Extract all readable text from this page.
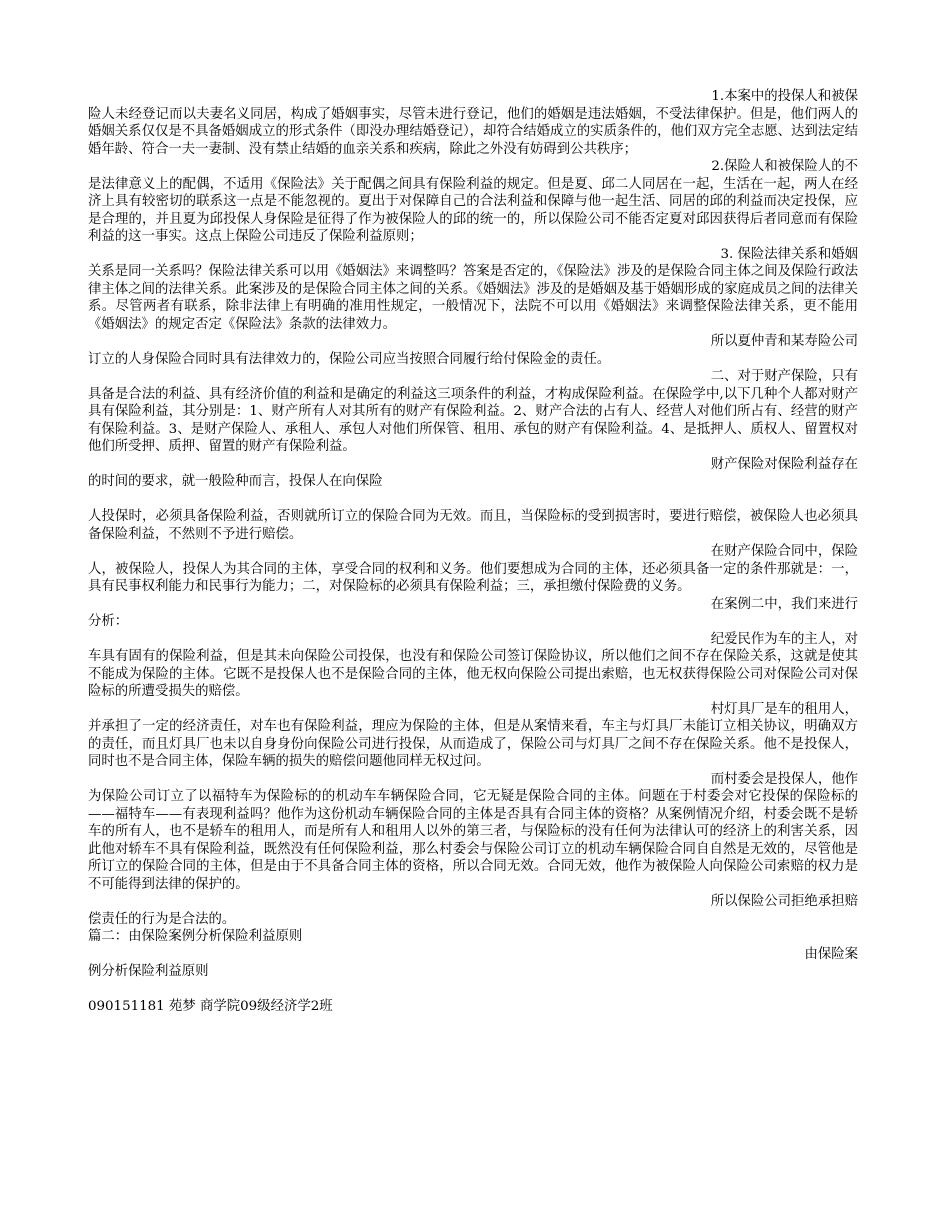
1.本案中的投保人和被保

险人未经登记而以夫妻名义同居，构成了婚姻事实，尽管未进行登记，他们的婚姻是违法婚姻，不受法律保护。但是，他们两人的婚姻关系仅仅是不具备婚姻成立的形式条件（即没办理结婚登记），却符合结婚成立的实质条件的，他们双方完全志愿、达到法定结婚年龄、符合一夫一妻制、没有禁止结婚的血亲关系和疾病，除此之外没有妨碍到公共秩序；

2.保险人和被保险人的不

是法律意义上的配偶，不适用《保险法》关于配偶之间具有保险利益的规定。但是夏、邱二人同居在一起，生活在一起，两人在经济上具有较密切的联系这一点是不能忽视的。夏出于对保障自己的合法利益和保障与他一起生活、同居的邱的利益而决定投保，应是合理的，并且夏为邱投保人身保险是征得了作为被保险人的邱的统一的，所以保险公司不能否定夏对邱因获得后者同意而有保险利益的这一事实。这点上保险公司违反了保险利益原则；

3. 保险法律关系和婚姻

关系是同一关系吗？保险法律关系可以用《婚姻法》来调整吗？答案是否定的，《保险法》涉及的是保险合同主体之间及保险行政法律主体之间的法律关系。此案涉及的是保险合同主体之间的关系。《婚姻法》涉及的是婚姻及基于婚姻形成的家庭成员之间的法律关系。尽管两者有联系，除非法律上有明确的准用性规定，一般情况下，法院不可以用《婚姻法》来调整保险法律关系，更不能用《婚姻法》的规定否定《保险法》条款的法律效力。

所以夏仲青和某寿险公司

订立的人身保险合同时具有法律效力的，保险公司应当按照合同履行给付保险金的责任。

二、对于财产保险，只有

具备是合法的利益、具有经济价值的利益和是确定的利益这三项条件的利益，才构成保险利益。在保险学中,以下几种个人都对财产具有保险利益，其分别是：1、财产所有人对其所有的财产有保险利益。2、财产合法的占有人、经营人对他们所占有、经营的财产有保险利益。3、是财产保险人、承租人、承包人对他们所保管、租用、承包的财产有保险利益。4、是抵押人、质权人、留置权对他们所受押、质押、留置的财产有保险利益。

财产保险对保险利益存在

的时间的要求，就一般险种而言，投保人在向保险

人投保时，必须具备保险利益，否则就所订立的保险合同为无效。而且，当保险标的受到损害时，要进行赔偿，被保险人也必须具备保险利益，不然则不予进行赔偿。

在财产保险合同中，保险

人，被保险人，投保人为其合同的主体，享受合同的权利和义务。他们要想成为合同的主体，还必须具备一定的条件那就是：一，具有民事权利能力和民事行为能力；二，对保险标的必须具有保险利益；三，承担缴付保险费的义务。

在案例二中，我们来进行

分析：

纪爱民作为车的主人，对

车具有固有的保险利益，但是其未向保险公司投保，也没有和保险公司签订保险协议，所以他们之间不存在保险关系，这就是使其不能成为保险的主体。它既不是投保人也不是保险合同的主体，他无权向保险公司提出索赔，也无权获得保险公司对保险公司对保险标的所遭受损失的赔偿。

村灯具厂是车的租用人，

并承担了一定的经济责任，对车也有保险利益，理应为保险的主体，但是从案情来看，车主与灯具厂未能订立相关协议，明确双方的责任，而且灯具厂也未以自身身份向保险公司进行投保，从而造成了，保险公司与灯具厂之间不存在保险关系。他不是投保人，同时也不是合同主体，保险车辆的损失的赔偿问题他同样无权过问。

而村委会是投保人，他作

为保险公司订立了以福特车为保险标的的机动车车辆保险合同，它无疑是保险合同的主体。问题在于村委会对它投保的保险标的——福特车——有表现利益吗？他作为这份机动车辆保险合同的主体是否具有合同主体的资格？从案例情况介绍，村委会既不是轿车的所有人，也不是轿车的租用人，而是所有人和租用人以外的第三者，与保险标的没有任何为法律认可的经济上的利害关系，因此他对轿车不具有保险利益，既然没有任何保险利益，那么村委会与保险公司订立的机动车辆保险合同自自然是无效的，尽管他是所订立的保险合同的主体，但是由于不具备合同主体的资格，所以合同无效。合同无效，他作为被保险人向保险公司索赔的权力是不可能得到法律的保护的。

所以保险公司拒绝承担赔

偿责任的行为是合法的。

篇二：由保险案例分析保险利益原则

由保险案

例分析保险利益原则

090151181 苑梦 商学院09级经济学2班
